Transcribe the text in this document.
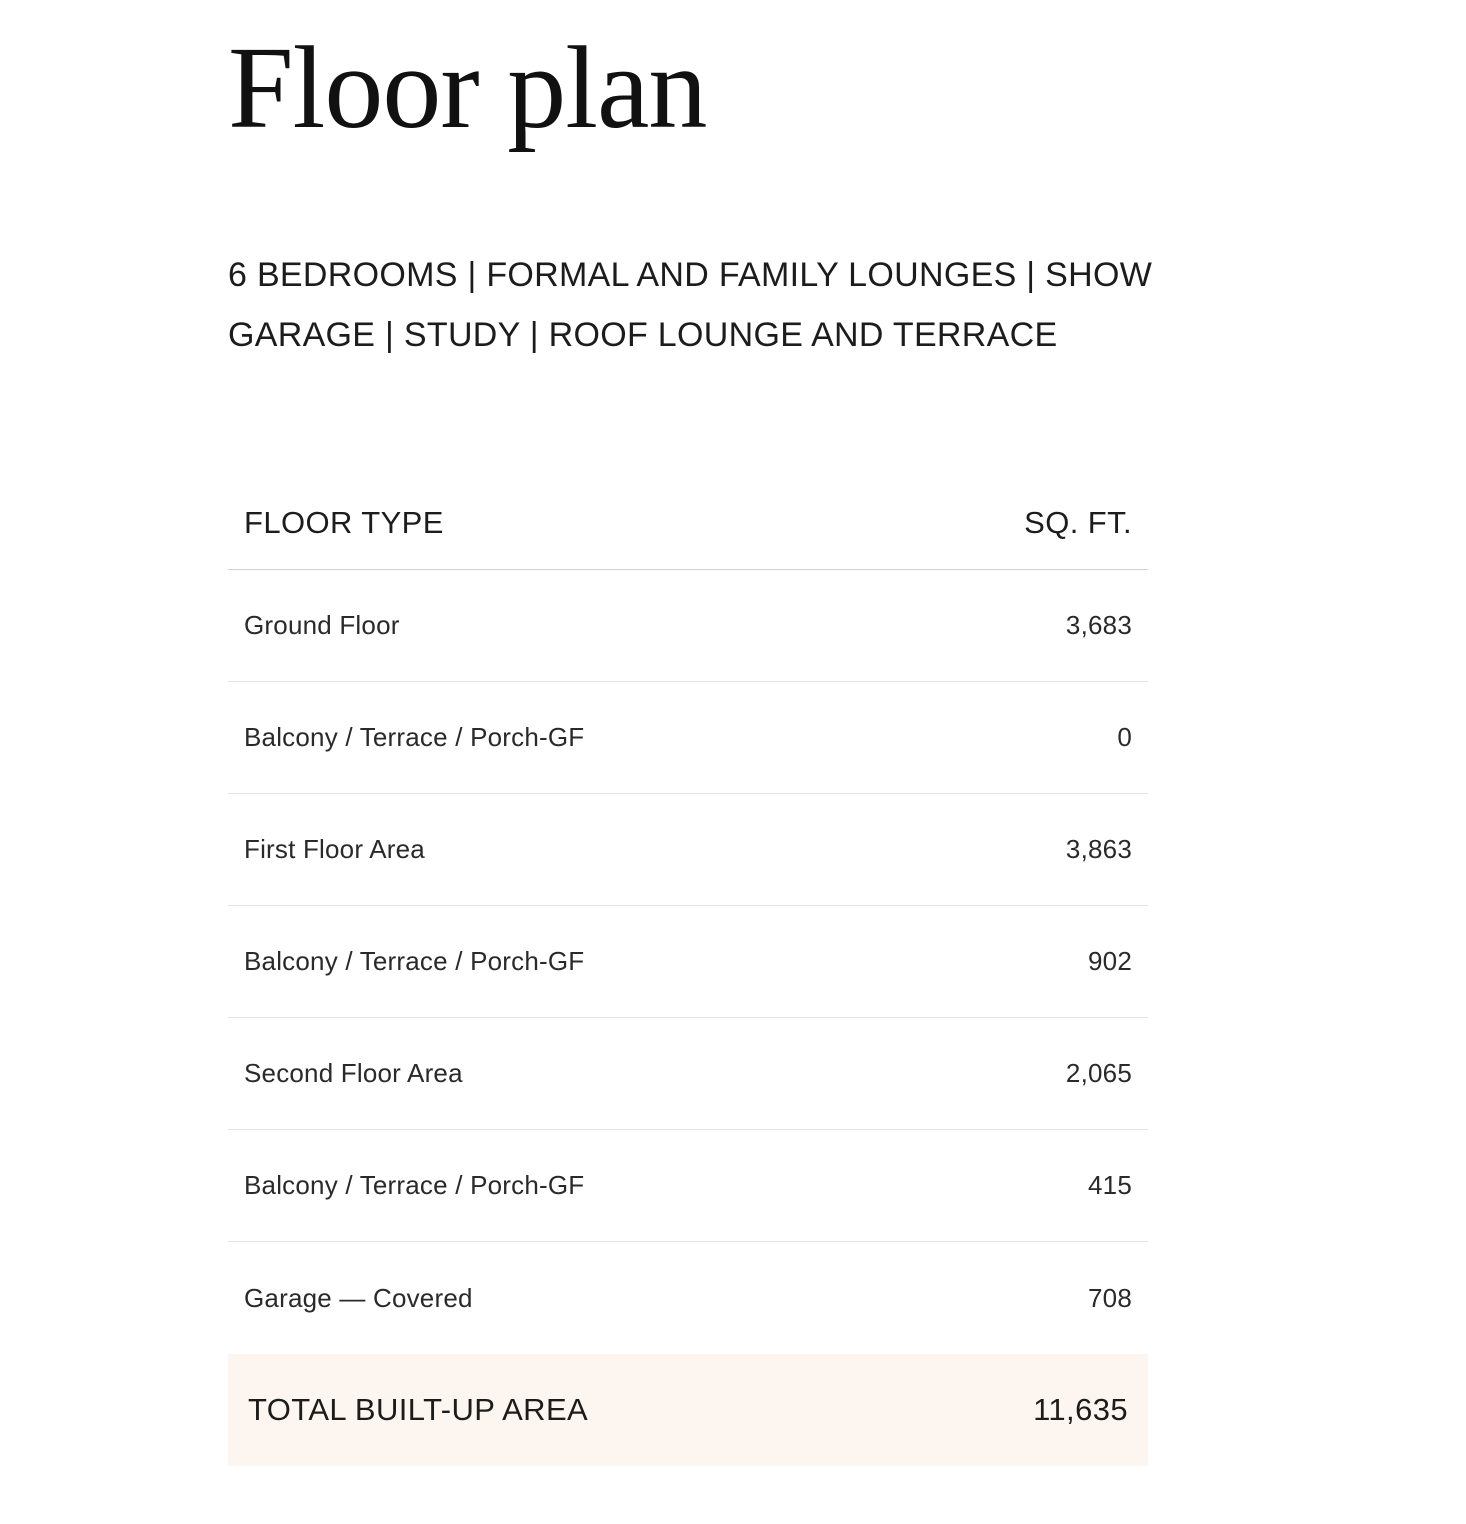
Floor plan

6 BEDROOMS | FORMAL AND FAMILY LOUNGES | SHOW GARAGE | STUDY | ROOF LOUNGE AND TERRACE

FLOOR TYPE	SQ. FT.
Ground Floor	3,683
Balcony / Terrace / Porch-GF	0
First Floor Area	3,863
Balcony / Terrace / Porch-GF	902
Second Floor Area	2,065
Balcony / Terrace / Porch-GF	415
Garage — Covered	708
TOTAL BUILT-UP AREA	11,635
